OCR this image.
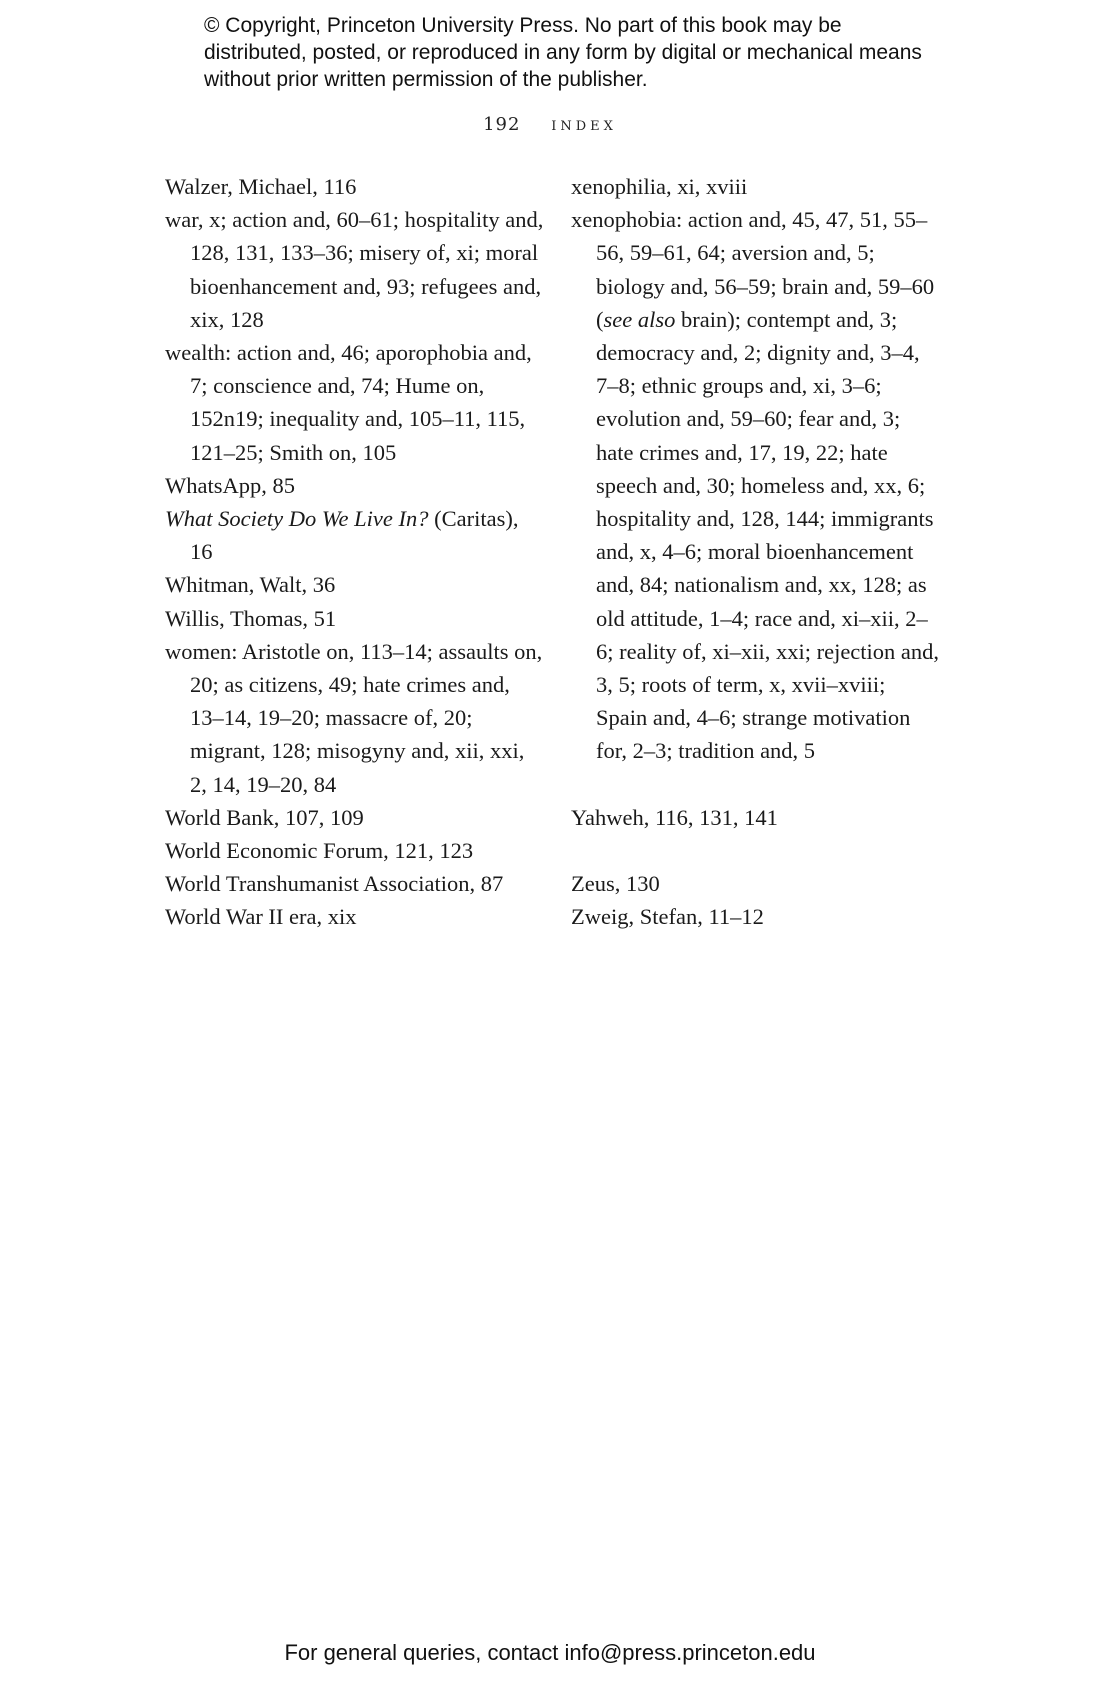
© Copyright, Princeton University Press. No part of this book may be distributed, posted, or reproduced in any form by digital or mechanical means without prior written permission of the publisher.
192 index

Walzer, Michael, 116

war, x; action and, 60–61; hospitality and, 128, 131, 133–36; misery of, xi; moral bioenhancement and, 93; refugees and, xix, 128

wealth: action and, 46; aporophobia and, 7; conscience and, 74; Hume on, 152n19; inequality and, 105–11, 115, 121–25; Smith on, 105

WhatsApp, 85

What Society Do We Live In? (Caritas), 16

Whitman, Walt, 36

Willis, Thomas, 51

women: Aristotle on, 113–14; assaults on, 20; as citizens, 49; hate crimes and, 13–14, 19–20; massacre of, 20; migrant, 128; misogyny and, xii, xxi, 2, 14, 19–20, 84

World Bank, 107, 109

World Economic Forum, 121, 123

World Transhumanist Association, 87

World War II era, xix

xenophilia, xi, xviii

xenophobia: action and, 45, 47, 51, 55–56, 59–61, 64; aversion and, 5; biology and, 56–59; brain and, 59–60 (see also brain); contempt and, 3; democracy and, 2; dignity and, 3–4, 7–8; ethnic groups and, xi, 3–6; evolution and, 59–60; fear and, 3; hate crimes and, 17, 19, 22; hate speech and, 30; homeless and, xx, 6; hospitality and, 128, 144; immigrants and, x, 4–6; moral bioenhancement and, 84; nationalism and, xx, 128; as old attitude, 1–4; race and, xi–xii, 2–6; reality of, xi–xii, xxi; rejection and, 3, 5; roots of term, x, xvii–xviii; Spain and, 4–6; strange motivation for, 2–3; tradition and, 5

Yahweh, 116, 131, 141

Zeus, 130

Zweig, Stefan, 11–12

For general queries, contact info@press.princeton.edu
